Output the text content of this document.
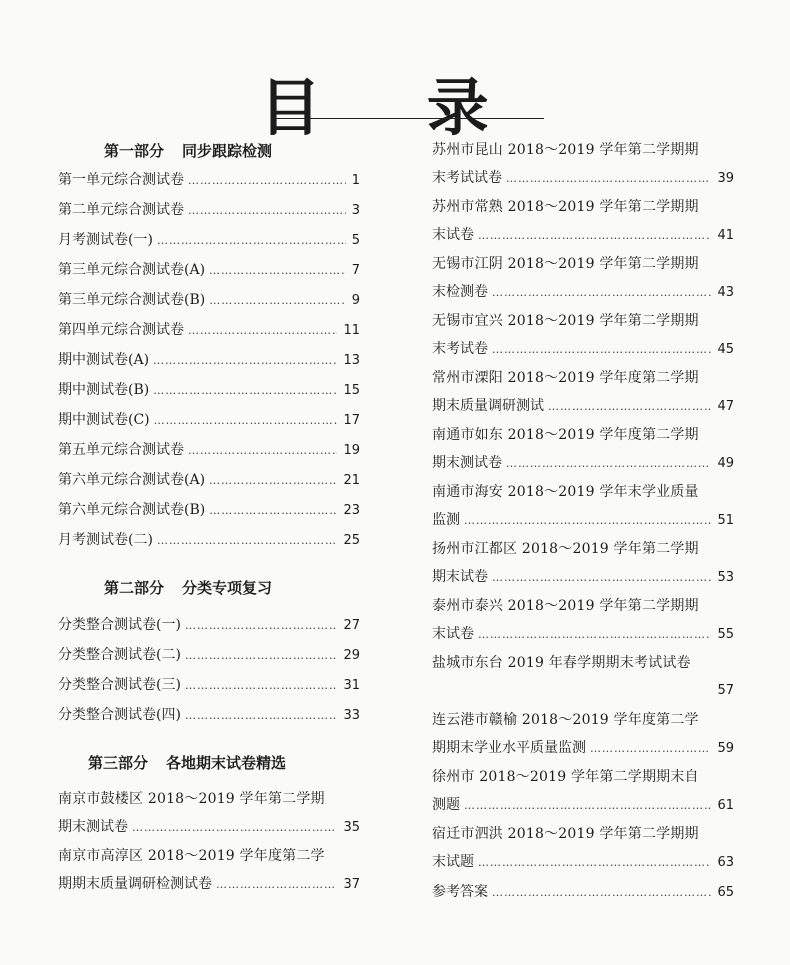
目 录
第一部分 同步跟踪检测
第一单元综合测试卷 ……………………………………………………………………………………………………………………………	1
第二单元综合测试卷 ……………………………………………………………………………………………………………………………	3
月考测试卷(一) ……………………………………………………………………………………………………………………………	5
第三单元综合测试卷(A) ……………………………………………………………………………………………………………………………	7
第三单元综合测试卷(B) ……………………………………………………………………………………………………………………………	9
第四单元综合测试卷 ……………………………………………………………………………………………………………………………	11
期中测试卷(A) ……………………………………………………………………………………………………………………………	13
期中测试卷(B) ……………………………………………………………………………………………………………………………	15
期中测试卷(C) ……………………………………………………………………………………………………………………………	17
第五单元综合测试卷 ……………………………………………………………………………………………………………………………	19
第六单元综合测试卷(A) ……………………………………………………………………………………………………………………………	21
第六单元综合测试卷(B) ……………………………………………………………………………………………………………………………	23
月考测试卷(二) ……………………………………………………………………………………………………………………………	25
第二部分 分类专项复习
分类整合测试卷(一) ……………………………………………………………………………………………………………………………	27
分类整合测试卷(二) ……………………………………………………………………………………………………………………………	29
分类整合测试卷(三) ……………………………………………………………………………………………………………………………	31
分类整合测试卷(四) ……………………………………………………………………………………………………………………………	33
第三部分 各地期末试卷精选
南京市鼓楼区 2018～2019 学年第二学期
期末测试卷 ……………………………………………………………………………………………………………………………	35
南京市高淳区 2018～2019 学年度第二学
期期末质量调研检测试卷 ……………………………………………………………………………………………………………………………	37
苏州市昆山 2018～2019 学年第二学期期
末考试试卷 ……………………………………………………………………………………………………………………………	39
苏州市常熟 2018～2019 学年第二学期期
末试卷 ……………………………………………………………………………………………………………………………	41
无锡市江阴 2018～2019 学年第二学期期
末检测卷 ……………………………………………………………………………………………………………………………	43
无锡市宜兴 2018～2019 学年第二学期期
末考试卷 ……………………………………………………………………………………………………………………………	45
常州市溧阳 2018～2019 学年度第二学期
期末质量调研测试 ……………………………………………………………………………………………………………………………	47
南通市如东 2018～2019 学年度第二学期
期末测试卷 ……………………………………………………………………………………………………………………………	49
南通市海安 2018～2019 学年末学业质量
监测 ……………………………………………………………………………………………………………………………	51
扬州市江都区 2018～2019 学年第二学期
期末试卷 ……………………………………………………………………………………………………………………………	53
泰州市泰兴 2018～2019 学年第二学期期
末试卷 ……………………………………………………………………………………………………………………………	55
盐城市东台 2019 年春学期期末考试试卷
57
连云港市赣榆 2018～2019 学年度第二学
期期末学业水平质量监测 ……………………………………………………………………………………………………………………………	59
徐州市 2018～2019 学年第二学期期末自
测题 ……………………………………………………………………………………………………………………………	61
宿迁市泗洪 2018～2019 学年第二学期期
末试题 ……………………………………………………………………………………………………………………………	63
参考答案 ……………………………………………………………………………………………………………………………	65
